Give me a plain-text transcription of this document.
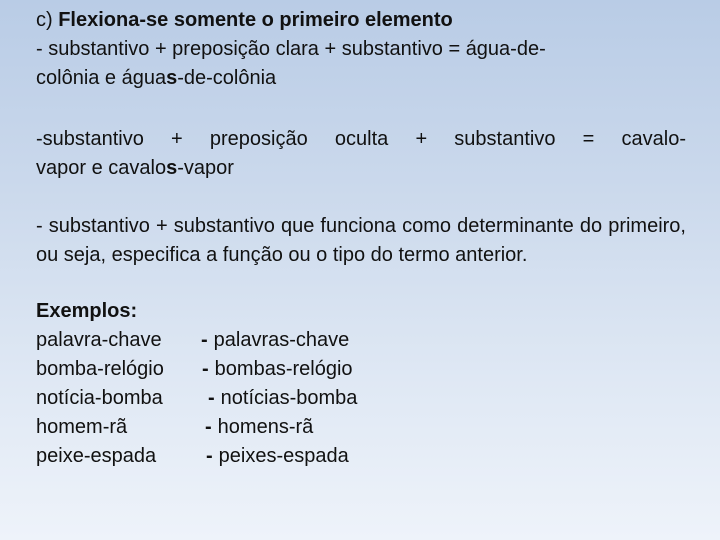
c) Flexiona-se somente o primeiro elemento

- substantivo + preposição clara + substantivo = água-de-
colônia e águas-de-colônia

-substantivo + preposição oculta + substantivo = cavalo-
vapor e cavalos-vapor

- substantivo + substantivo que funciona como determinante do primeiro, ou seja, especifica a função ou o tipo do termo anterior.

Exemplos:

palavra-chave	- palavras-chave
bomba-relógio	- bombas-relógio
notícia-bomba	- notícias-bomba
homem-rã	- homens-rã
peixe-espada	- peixes-espada
